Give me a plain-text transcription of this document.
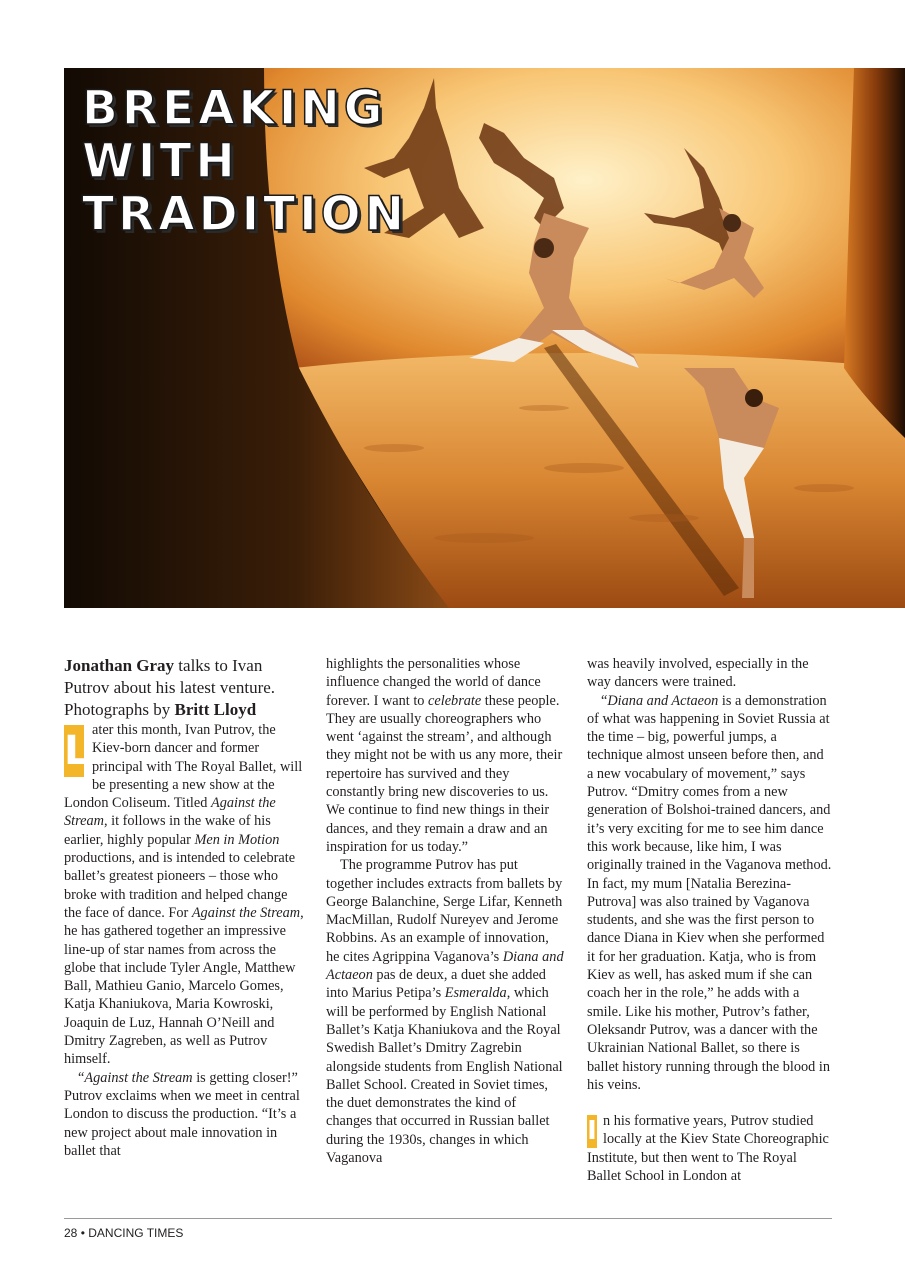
BREAKING
WITH
TRADITION

Jonathan Gray talks to Ivan Putrov about his latest venture.

Photographs by Britt Lloyd

L ater this month, Ivan Putrov, the Kiev-born dancer and former principal with The Royal Ballet, will be presenting a new show at the London Coliseum. Titled Against the Stream, it follows in the wake of his earlier, highly popular Men in Motion productions, and is intended to celebrate ballet’s greatest pioneers – those who broke with tradition and helped change the face of dance. For Against the Stream, he has gathered together an impressive line-up of star names from across the globe that include Tyler Angle, Matthew Ball, Mathieu Ganio, Marcelo Gomes, Katja Khaniukova, Maria Kowroski, Joaquin de Luz, Hannah O’Neill and Dmitry Zagreben, as well as Putrov himself.

“Against the Stream is getting closer!” Putrov exclaims when we meet in central London to discuss the production. “It’s a new project about male innovation in ballet that

highlights the personalities whose influence changed the world of dance forever. I want to celebrate these people. They are usually choreographers who went ‘against the stream’, and although they might not be with us any more, their repertoire has survived and they constantly bring new discoveries to us. We continue to find new things in their dances, and they remain a draw and an inspiration for us today.”

The programme Putrov has put together includes extracts from ballets by George Balanchine, Serge Lifar, Kenneth MacMillan, Rudolf Nureyev and Jerome Robbins. As an example of innovation, he cites Agrippina Vaganova’s Diana and Actaeon pas de deux, a duet she added into Marius Petipa’s Esmeralda, which will be performed by English National Ballet’s Katja Khaniukova and the Royal Swedish Ballet’s Dmitry Zagrebin alongside students from English National Ballet School. Created in Soviet times, the duet demonstrates the kind of changes that occurred in Russian ballet during the 1930s, changes in which Vaganova

was heavily involved, especially in the way dancers were trained.

“Diana and Actaeon is a demonstration of what was happening in Soviet Russia at the time – big, powerful jumps, a technique almost unseen before then, and a new vocabulary of movement,” says Putrov. “Dmitry comes from a new generation of Bolshoi-trained dancers, and it’s very exciting for me to see him dance this work because, like him, I was originally trained in the Vaganova method. In fact, my mum [Natalia Berezina-Putrova] was also trained by Vaganova students, and she was the first person to dance Diana in Kiev when she performed it for her graduation. Katja, who is from Kiev as well, has asked mum if she can coach her in the role,” he adds with a smile. Like his mother, Putrov’s father, Oleksandr Putrov, was a dancer with the Ukrainian National Ballet, so there is ballet history running through the blood in his veins.

I n his formative years, Putrov studied locally at the Kiev State Choreographic Institute, but then went to The Royal Ballet School in London at

28 • DANCING TIMES
